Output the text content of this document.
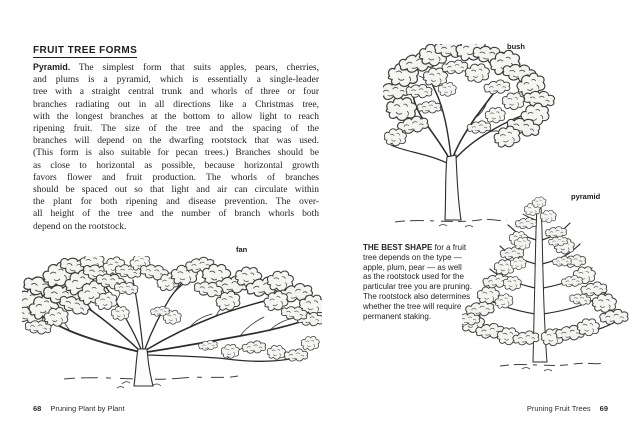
FRUIT TREE FORMS
Pyramid. The simplest form that suits apples, pears, cherries,
and plums is a pyramid, which is essentially a single-leader
tree with a straight central trunk and whorls of three or four
branches radiating out in all directions like a Christmas tree,
with the longest branches at the bottom to allow light to reach
ripening fruit. The size of the tree and the spacing of the
branches will depend on the dwarfing rootstock that was used.
(This form is also suitable for pecan trees.) Branches should be
as close to horizontal as possible, because horizontal growth
favors flower and fruit production. The whorls of branches
should be spaced out so that light and air can circulate within
the plant for both ripening and disease prevention. The over-
all height of the tree and the number of branch whorls both
depend on the rootstock.
fan
bush
THE BEST SHAPE for a fruit
tree depends on the type —
apple, plum, pear — as well
as the rootstock used for the
particular tree you are pruning.
The rootstock also determines
whether the tree will require
permanent staking.
pyramid
68 Pruning Plant by Plant	Pruning Fruit Trees 69
